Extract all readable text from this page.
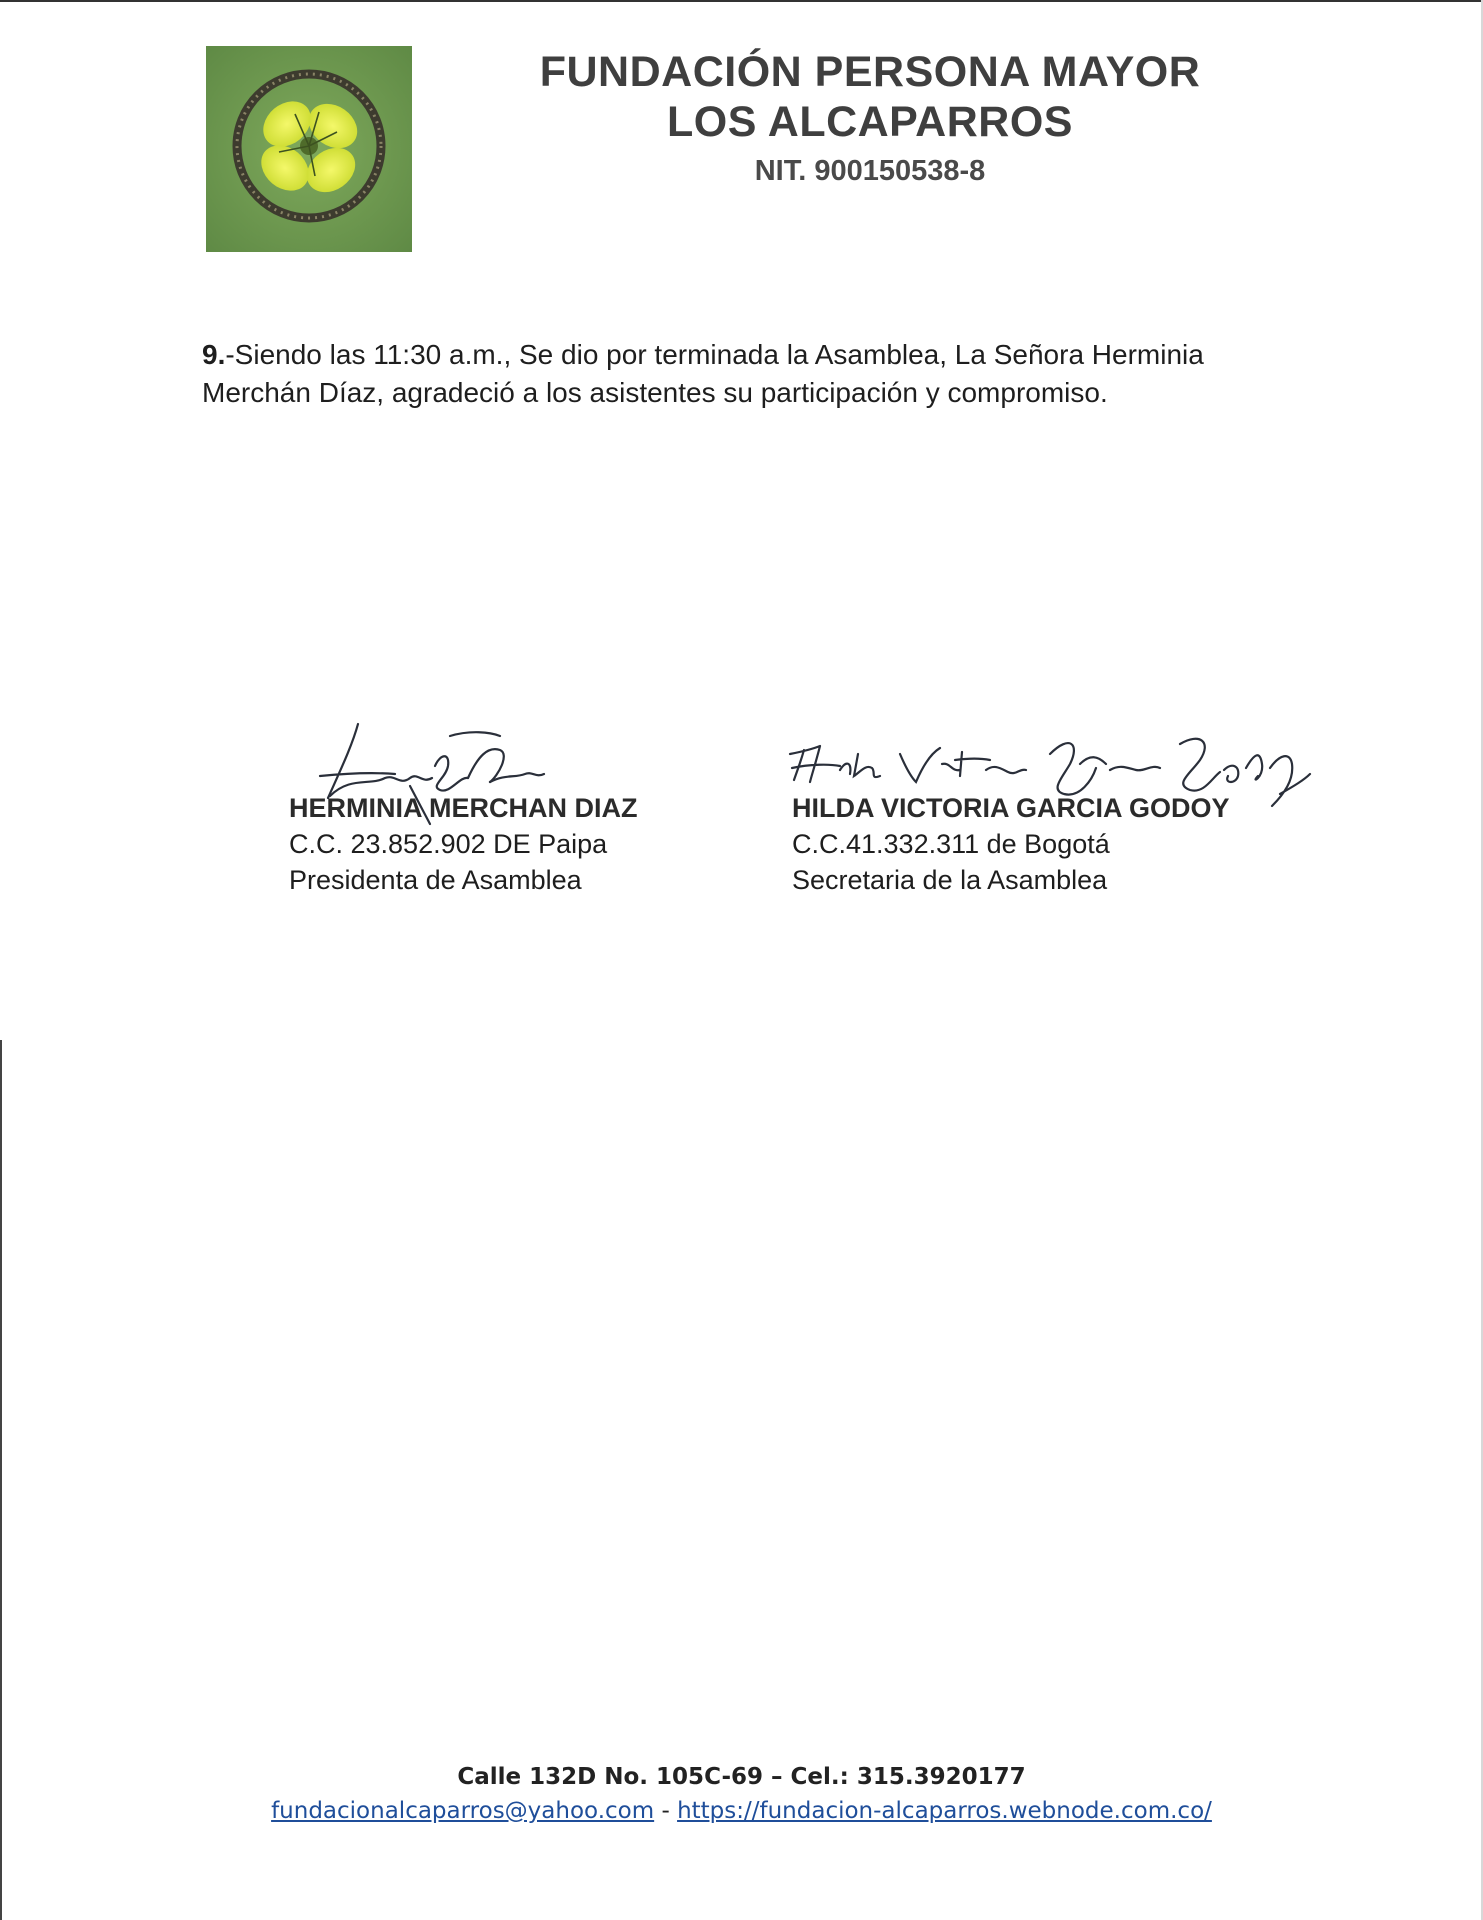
FUNDACIÓN PERSONA MAYOR

LOS ALCAPARROS

NIT. 900150538-8

9.-Siendo las 11:30 a.m., Se dio por terminada la Asamblea, La Señora Herminia Merchán Díaz, agradeció a los asistentes su participación y compromiso.

HERMINIA MERCHAN DIAZ
C.C. 23.852.902 DE Paipa
Presidenta de Asamblea
HILDA VICTORIA GARCIA GODOY
C.C.41.332.311 de Bogotá
Secretaria de la Asamblea
Calle 132D No. 105C-69 – Cel.: 315.3920177
fundacionalcaparros@yahoo.com - https://fundacion-alcaparros.webnode.com.co/
